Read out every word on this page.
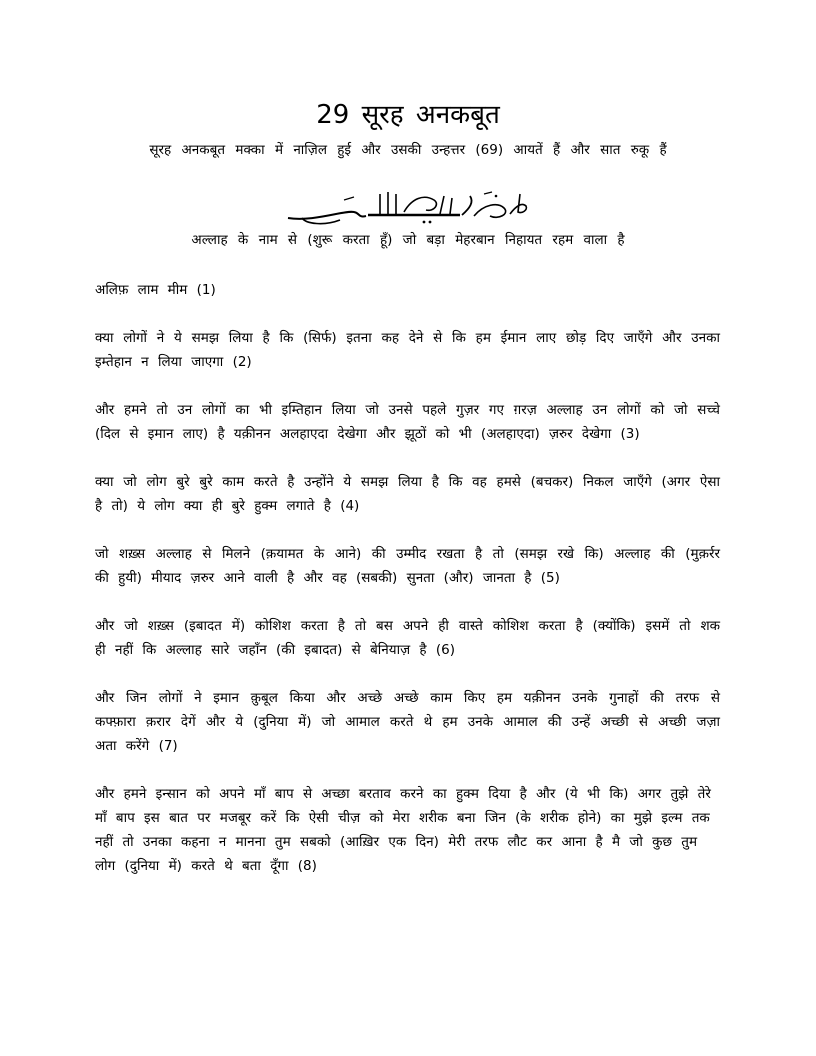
29 सूरह अनकबूत
सूरह अनकबूत मक्का में नाज़िल हुई और उसकी उन्हत्तर (69) आयतें हैं और सात रुकू हैं
अल्लाह के नाम से (शुरू करता हूँ) जो बड़ा मेहरबान निहायत रहम वाला है

अलिफ़ लाम मीम (1)

क्या लोगों ने ये समझ लिया है कि (सिर्फ) इतना कह देने से कि हम ईमान लाए छोड़ दिए जाएँगे और उनका इम्तेहान न लिया जाएगा (2)

और हमने तो उन लोगों का भी इम्तिहान लिया जो उनसे पहले गुज़र गए ग़रज़ अल्लाह उन लोगों को जो सच्चे (दिल से इमान लाए) है यक़ीनन अलहाएदा देखेगा और झूठों को भी (अलहाएदा) ज़रुर देखेगा (3)

क्या जो लोग बुरे बुरे काम करते है उन्होंने ये समझ लिया है कि वह हमसे (बचकर) निकल जाएँगे (अगर ऐसा है तो) ये लोग क्या ही बुरे हुक्म लगाते है (4)

जो शख़्स अल्लाह से मिलने (क़यामत के आने) की उम्मीद रखता है तो (समझ रखे कि) अल्लाह की (मुक़र्रर की हुयी) मीयाद ज़रुर आने वाली है और वह (सबकी) सुनता (और) जानता है (5)

और जो शख़्स (इबादत में) कोशिश करता है तो बस अपने ही वास्ते कोशिश करता है (क्योंकि) इसमें तो शक ही नहीं कि अल्लाह सारे जहाँन (की इबादत) से बेनियाज़ है (6)

और जिन लोगों ने इमान क़ुबूल किया और अच्छे अच्छे काम किए हम यक़ीनन उनके गुनाहों की तरफ से कफ्फ़ारा क़रार देगें और ये (दुनिया में) जो आमाल करते थे हम उनके आमाल की उन्हें अच्छी से अच्छी जज़ा अता करेंगे (7)

और हमने इन्सान को अपने माँ बाप से अच्छा बरताव करने का हुक्म दिया है और (ये भी कि) अगर तुझे तेरे माँ बाप इस बात पर मजबूर करें कि ऐसी चीज़ को मेरा शरीक बना जिन (के शरीक होने) का मुझे इल्म तक नहीं तो उनका कहना न मानना तुम सबको (आख़िर एक दिन) मेरी तरफ लौट कर आना है मै जो कुछ तुम लोग (दुनिया में) करते थे बता दूँगा (8)
